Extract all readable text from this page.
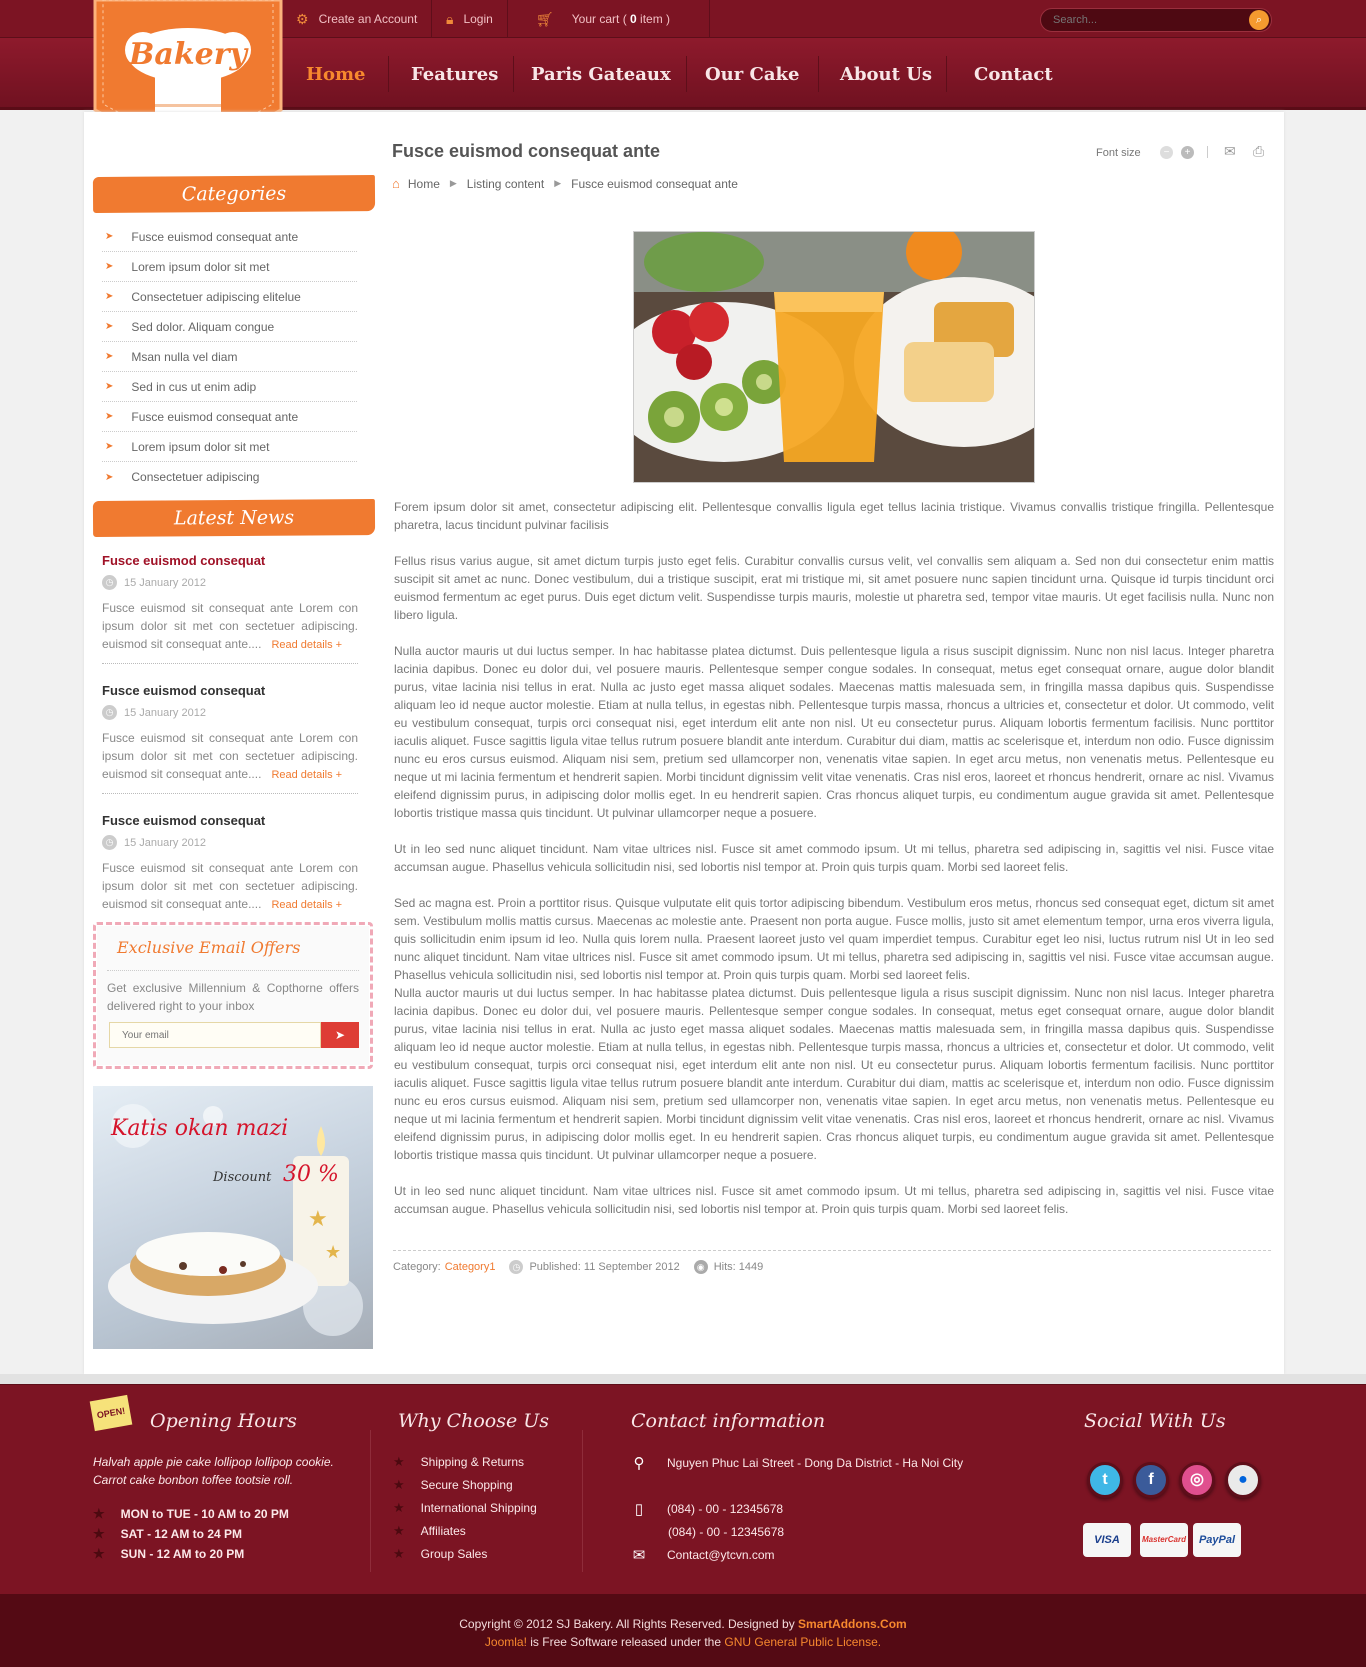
⚙ Create an Account 🔒︎ Login	🛒︎ Your cart ( 0 item )
Search...	⌕
Bakery
Home	Features Paris Gateaux Our Cake About Us Contact
Categories
➤ Fusce euismod consequat ante
➤ Lorem ipsum dolor sit met
➤ Consectetuer adipiscing elitelue
➤ Sed dolor. Aliquam congue
➤ Msan nulla vel diam
➤ Sed in cus ut enim adip
➤ Fusce euismod consequat ante
➤ Lorem ipsum dolor sit met
➤ Consectetuer adipiscing
Latest News
Fusce euismod consequat
◷ 15 January 2012
Fusce euismod sit consequat ante Lorem con ipsum dolor sit met con sectetuer adipiscing. euismod sit consequat ante.... Read details +
Fusce euismod consequat
◷ 15 January 2012
Fusce euismod sit consequat ante Lorem con ipsum dolor sit met con sectetuer adipiscing. euismod sit consequat ante.... Read details +
Fusce euismod consequat
◷ 15 January 2012
Fusce euismod sit consequat ante Lorem con ipsum dolor sit met con sectetuer adipiscing. euismod sit consequat ante.... Read details +
Exclusive Email Offers
Get exclusive Millennium & Copthorne offers delivered right to your inbox
Your email
➤
★
★
Katis okan mazi
Discount 30 %
Fusce euismod consequat ante	Font size	−	+ ✉ ⎙
⌂ Home ▶ Listing content ▶ Fusce euismod consequat ante

Forem ipsum dolor sit amet, consectetur adipiscing elit. Pellentesque convallis ligula eget tellus lacinia tristique. Vivamus convallis tristique fringilla. Pellentesque pharetra, lacus tincidunt pulvinar facilisis

Fellus risus varius augue, sit amet dictum turpis justo eget felis. Curabitur convallis cursus velit, vel convallis sem aliquam a. Sed non dui consectetur enim mattis suscipit sit amet ac nunc. Donec vestibulum, dui a tristique suscipit, erat mi tristique mi, sit amet posuere nunc sapien tincidunt urna. Quisque id turpis tincidunt orci euismod fermentum ac eget purus. Duis eget dictum velit. Suspendisse turpis mauris, molestie ut pharetra sed, tempor vitae mauris. Ut eget facilisis nulla. Nunc non libero ligula.

Nulla auctor mauris ut dui luctus semper. In hac habitasse platea dictumst. Duis pellentesque ligula a risus suscipit dignissim. Nunc non nisl lacus. Integer pharetra lacinia dapibus. Donec eu dolor dui, vel posuere mauris. Pellentesque semper congue sodales. In consequat, metus eget consequat ornare, augue dolor blandit purus, vitae lacinia nisi tellus in erat. Nulla ac justo eget massa aliquet sodales. Maecenas mattis malesuada sem, in fringilla massa dapibus quis. Suspendisse aliquam leo id neque auctor molestie. Etiam at nulla tellus, in egestas nibh. Pellentesque turpis massa, rhoncus a ultricies et, consectetur et dolor. Ut commodo, velit eu vestibulum consequat, turpis orci consequat nisi, eget interdum elit ante non nisl. Ut eu consectetur purus. Aliquam lobortis fermentum facilisis. Nunc porttitor iaculis aliquet. Fusce sagittis ligula vitae tellus rutrum posuere blandit ante interdum. Curabitur dui diam, mattis ac scelerisque et, interdum non odio. Fusce dignissim nunc eu eros cursus euismod. Aliquam nisi sem, pretium sed ullamcorper non, venenatis vitae sapien. In eget arcu metus, non venenatis metus. Pellentesque eu neque ut mi lacinia fermentum et hendrerit sapien. Morbi tincidunt dignissim velit vitae venenatis. Cras nisl eros, laoreet et rhoncus hendrerit, ornare ac nisl. Vivamus eleifend dignissim purus, in adipiscing dolor mollis eget. In eu hendrerit sapien. Cras rhoncus aliquet turpis, eu condimentum augue gravida sit amet. Pellentesque lobortis tristique massa quis tincidunt. Ut pulvinar ullamcorper neque a posuere.

Ut in leo sed nunc aliquet tincidunt. Nam vitae ultrices nisl. Fusce sit amet commodo ipsum. Ut mi tellus, pharetra sed adipiscing in, sagittis vel nisi. Fusce vitae accumsan augue. Phasellus vehicula sollicitudin nisi, sed lobortis nisl tempor at. Proin quis turpis quam. Morbi sed laoreet felis.

Sed ac magna est. Proin a porttitor risus. Quisque vulputate elit quis tortor adipiscing bibendum. Vestibulum eros metus, rhoncus sed consequat eget, dictum sit amet sem. Vestibulum mollis mattis cursus. Maecenas ac molestie ante. Praesent non porta augue. Fusce mollis, justo sit amet elementum tempor, urna eros viverra ligula, quis sollicitudin enim ipsum id leo. Nulla quis lorem nulla. Praesent laoreet justo vel quam imperdiet tempus. Curabitur eget leo nisi, luctus rutrum nisl Ut in leo sed nunc aliquet tincidunt. Nam vitae ultrices nisl. Fusce sit amet commodo ipsum. Ut mi tellus, pharetra sed adipiscing in, sagittis vel nisi. Fusce vitae accumsan augue. Phasellus vehicula sollicitudin nisi, sed lobortis nisl tempor at. Proin quis turpis quam. Morbi sed laoreet felis.

Nulla auctor mauris ut dui luctus semper. In hac habitasse platea dictumst. Duis pellentesque ligula a risus suscipit dignissim. Nunc non nisl lacus. Integer pharetra lacinia dapibus. Donec eu dolor dui, vel posuere mauris. Pellentesque semper congue sodales. In consequat, metus eget consequat ornare, augue dolor blandit purus, vitae lacinia nisi tellus in erat. Nulla ac justo eget massa aliquet sodales. Maecenas mattis malesuada sem, in fringilla massa dapibus quis. Suspendisse aliquam leo id neque auctor molestie. Etiam at nulla tellus, in egestas nibh. Pellentesque turpis massa, rhoncus a ultricies et, consectetur et dolor. Ut commodo, velit eu vestibulum consequat, turpis orci consequat nisi, eget interdum elit ante non nisl. Ut eu consectetur purus. Aliquam lobortis fermentum facilisis. Nunc porttitor iaculis aliquet. Fusce sagittis ligula vitae tellus rutrum posuere blandit ante interdum. Curabitur dui diam, mattis ac scelerisque et, interdum non odio. Fusce dignissim nunc eu eros cursus euismod. Aliquam nisi sem, pretium sed ullamcorper non, venenatis vitae sapien. In eget arcu metus, non venenatis metus. Pellentesque eu neque ut mi lacinia fermentum et hendrerit sapien. Morbi tincidunt dignissim velit vitae venenatis. Cras nisl eros, laoreet et rhoncus hendrerit, ornare ac nisl. Vivamus eleifend dignissim purus, in adipiscing dolor mollis eget. In eu hendrerit sapien. Cras rhoncus aliquet turpis, eu condimentum augue gravida sit amet. Pellentesque lobortis tristique massa quis tincidunt. Ut pulvinar ullamcorper neque a posuere.

Ut in leo sed nunc aliquet tincidunt. Nam vitae ultrices nisl. Fusce sit amet commodo ipsum. Ut mi tellus, pharetra sed adipiscing in, sagittis vel nisi. Fusce vitae accumsan augue. Phasellus vehicula sollicitudin nisi, sed lobortis nisl tempor at. Proin quis turpis quam. Morbi sed laoreet felis.

Category: Category1	◷ Published: 11 September 2012	◉ Hits: 1449
OPEN!	Opening Hours
Halvah apple pie cake lollipop lollipop cookie. Carrot cake bonbon toffee tootsie roll.
★ MON to TUE - 10 AM to 20 PM
★ SAT - 12 AM to 24 PM
★ SUN - 12 AM to 20 PM
Why Choose Us
★ Shipping & Returns
★ Secure Shopping
★ International Shipping
★ Affiliates
★ Group Sales
Contact information
⚲	Nguyen Phuc Lai Street - Dong Da District - Ha Noi City
▯	(084) - 00 - 12345678
(084) - 00 - 12345678
✉	Contact@ytcvn.com
Social With Us
t	f	◎	●
VISA	MasterCard	PayPal
Copyright © 2012 SJ Bakery. All Rights Reserved. Designed by SmartAddons.Com
Joomla! is Free Software released under the GNU General Public License.
